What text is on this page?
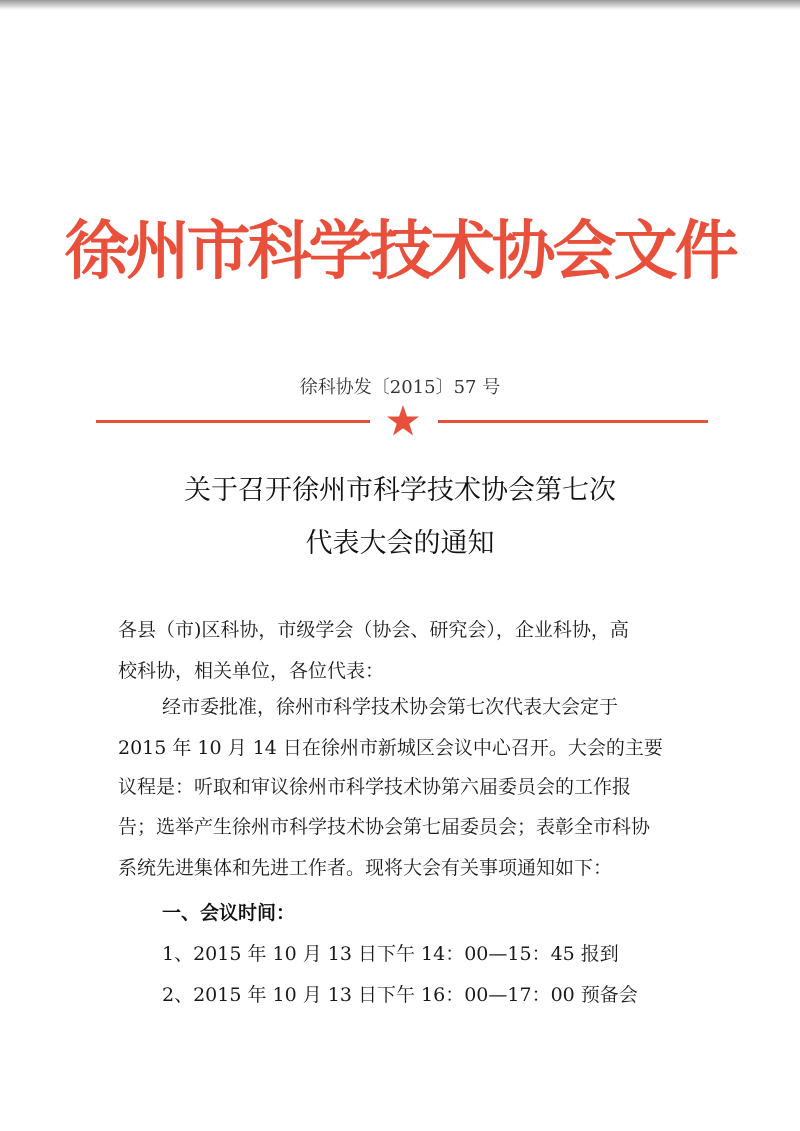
徐州市科学技术协会文件
徐科协发〔2015〕57 号
关于召开徐州市科学技术协会第七次
代表大会的通知
各县（市)区科协，市级学会（协会、研究会），企业科协，高
校科协，相关单位，各位代表：
经市委批准，徐州市科学技术协会第七次代表大会定于
2015 年 10 月 14 日在徐州市新城区会议中心召开。大会的主要
议程是：听取和审议徐州市科学技术协第六届委员会的工作报
告；选举产生徐州市科学技术协会第七届委员会；表彰全市科协
系统先进集体和先进工作者。现将大会有关事项通知如下：
一、会议时间：
1、2015 年 10 月 13 日下午 14：00—15：45 报到
2、2015 年 10 月 13 日下午 16：00—17：00 预备会
